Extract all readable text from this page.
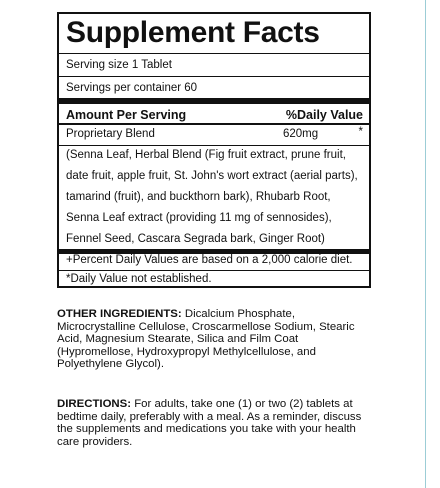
Supplement Facts
Serving size 1 Tablet
Servings per container 60
Amount Per Serving	%Daily Value
Proprietary Blend	620mg	*
(Senna Leaf, Herbal Blend (Fig fruit extract, prune fruit,
date fruit, apple fruit, St. John's wort extract (aerial parts),
tamarind (fruit), and buckthorn bark), Rhubarb Root,
Senna Leaf extract (providing 11 mg of sennosides),
Fennel Seed, Cascara Segrada bark, Ginger Root)
+Percent Daily Values are based on a 2,000 calorie diet.
*Daily Value not established.
OTHER INGREDIENTS: Dicalcium Phosphate,
Microcrystalline Cellulose, Croscarmellose Sodium, Stearic
Acid, Magnesium Stearate, Silica and Film Coat
(Hypromellose, Hydroxypropyl Methylcellulose, and
Polyethylene Glycol).
DIRECTIONS: For adults, take one (1) or two (2) tablets at
bedtime daily, preferably with a meal. As a reminder, discuss
the supplements and medications you take with your health
care providers.
